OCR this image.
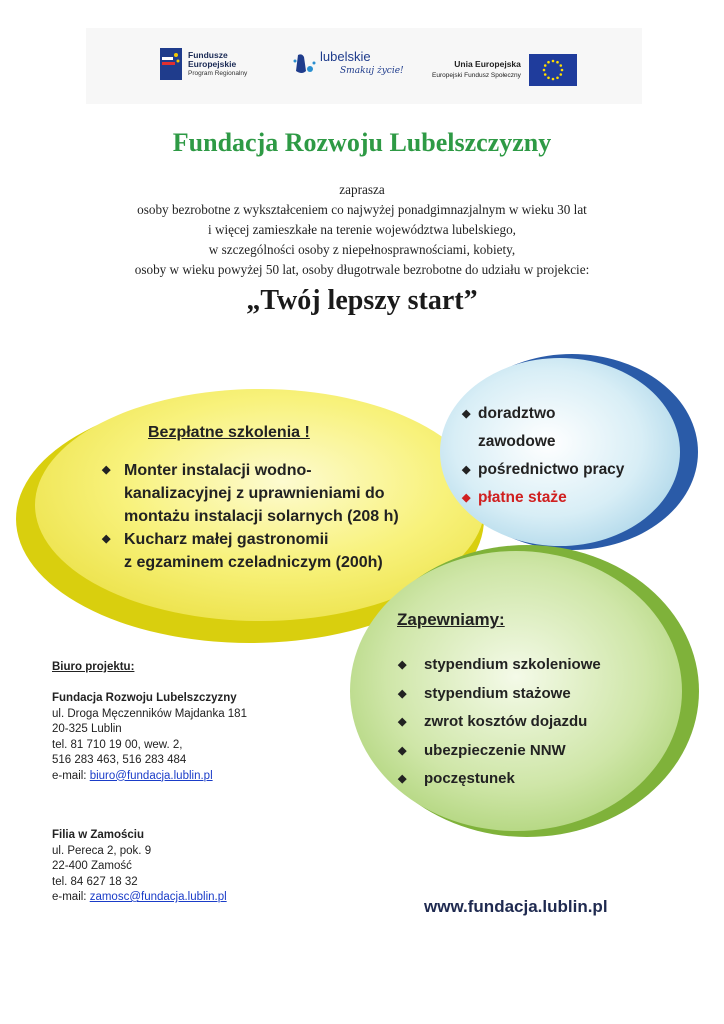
Fundusze
Europejskie
Program Regionalny
lubelskie
Smakuj życie!
Unia Europejska
Europejski Fundusz Społeczny
Fundacja Rozwoju Lubelszczyzny
zaprasza
osoby bezrobotne z wykształceniem co najwyżej ponadgimnazjalnym w wieku 30 lat
i więcej zamieszkałe na terenie województwa lubelskiego,
w szczególności osoby z niepełnosprawnościami, kobiety,
osoby w wieku powyżej 50 lat, osoby długotrwale bezrobotne do udziału w projekcie:
„Twój lepszy start”
Bezpłatne szkolenia !
◆ Monter instalacji wodno-
kanalizacyjnej z uprawnieniami do
montażu instalacji solarnych (208 h)
◆ Kucharz małej gastronomii
z egzaminem czeladniczym (200h)
◆ doradztwo
zawodowe
◆ pośrednictwo pracy
◆ płatne staże
Zapewniamy:
◆ stypendium szkoleniowe
◆ stypendium stażowe
◆ zwrot kosztów dojazdu
◆ ubezpieczenie NNW
◆ poczęstunek
Biuro projektu:
Fundacja Rozwoju Lubelszczyzny
ul. Droga Męczenników Majdanka 181
20-325 Lublin
tel. 81 710 19 00, wew. 2,
516 283 463, 516 283 484
e-mail: biuro@fundacja.lublin.pl
Filia w Zamościu
ul. Pereca 2, pok. 9
22-400 Zamość
tel. 84 627 18 32
e-mail: zamosc@fundacja.lublin.pl	www.fundacja.lublin.pl
